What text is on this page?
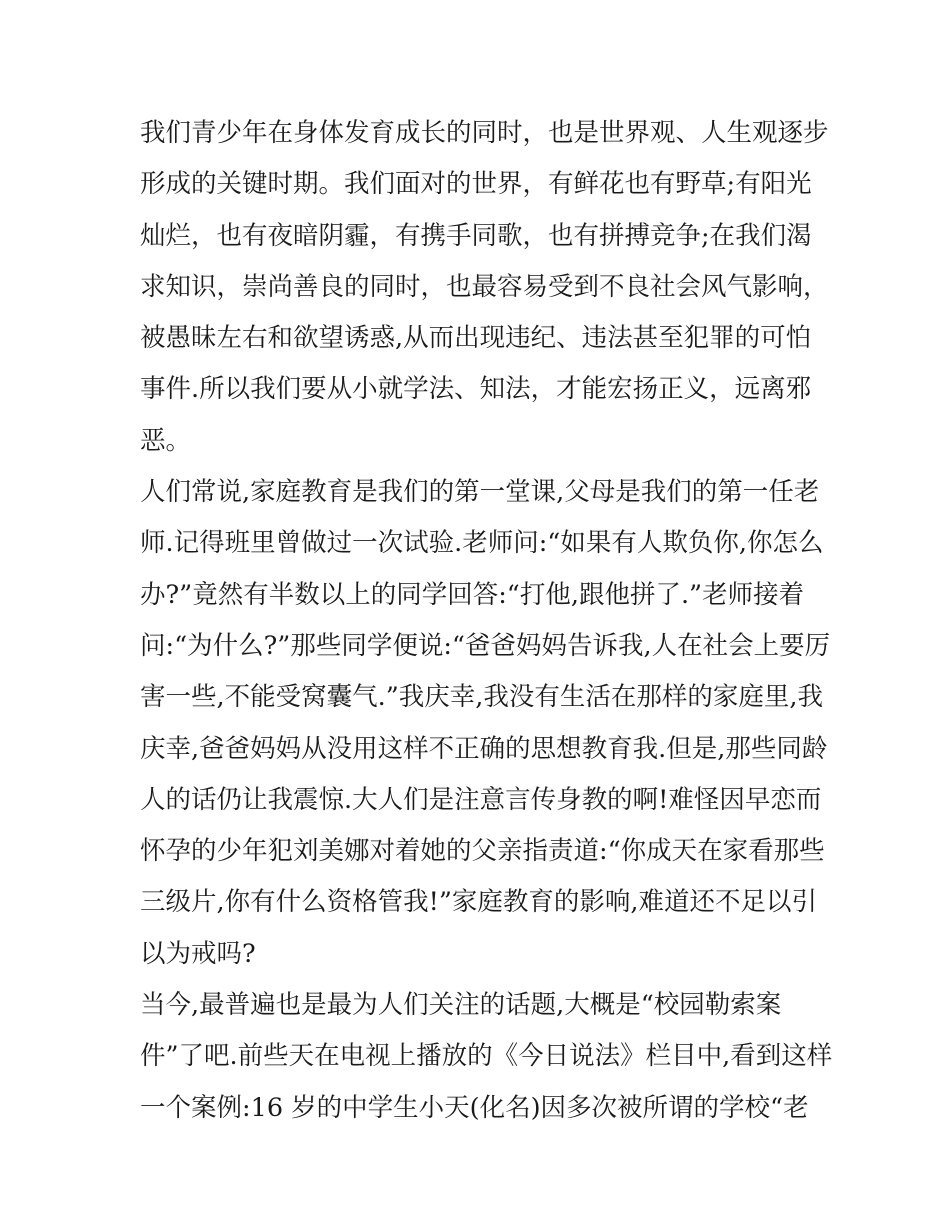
我们青少年在身体发育成长的同时，也是世界观、人生观逐步
形成的关键时期。我们面对的世界，有鲜花也有野草;有阳光
灿烂，也有夜暗阴霾，有携手同歌，也有拼搏竞争;在我们渴
求知识，崇尚善良的同时，也最容易受到不良社会风气影响，
被愚昧左右和欲望诱惑,从而出现违纪、违法甚至犯罪的可怕
事件.所以我们要从小就学法、知法，才能宏扬正义，远离邪
恶。
人们常说,家庭教育是我们的第一堂课,父母是我们的第一任老
师.记得班里曾做过一次试验.老师问:“如果有人欺负你,你怎么
办?”竟然有半数以上的同学回答:“打他,跟他拼了.”老师接着
问:“为什么?”那些同学便说:“爸爸妈妈告诉我,人在社会上要厉
害一些,不能受窝囊气.”我庆幸,我没有生活在那样的家庭里,我
庆幸,爸爸妈妈从没用这样不正确的思想教育我.但是,那些同龄
人的话仍让我震惊.大人们是注意言传身教的啊!难怪因早恋而
怀孕的少年犯刘美娜对着她的父亲指责道:“你成天在家看那些
三级片,你有什么资格管我!”家庭教育的影响,难道还不足以引
以为戒吗?
当今,最普遍也是最为人们关注的话题,大概是“校园勒索案
件”了吧.前些天在电视上播放的《今日说法》栏目中,看到这样
一个案例:16 岁的中学生小天(化名)因多次被所谓的学校“老
